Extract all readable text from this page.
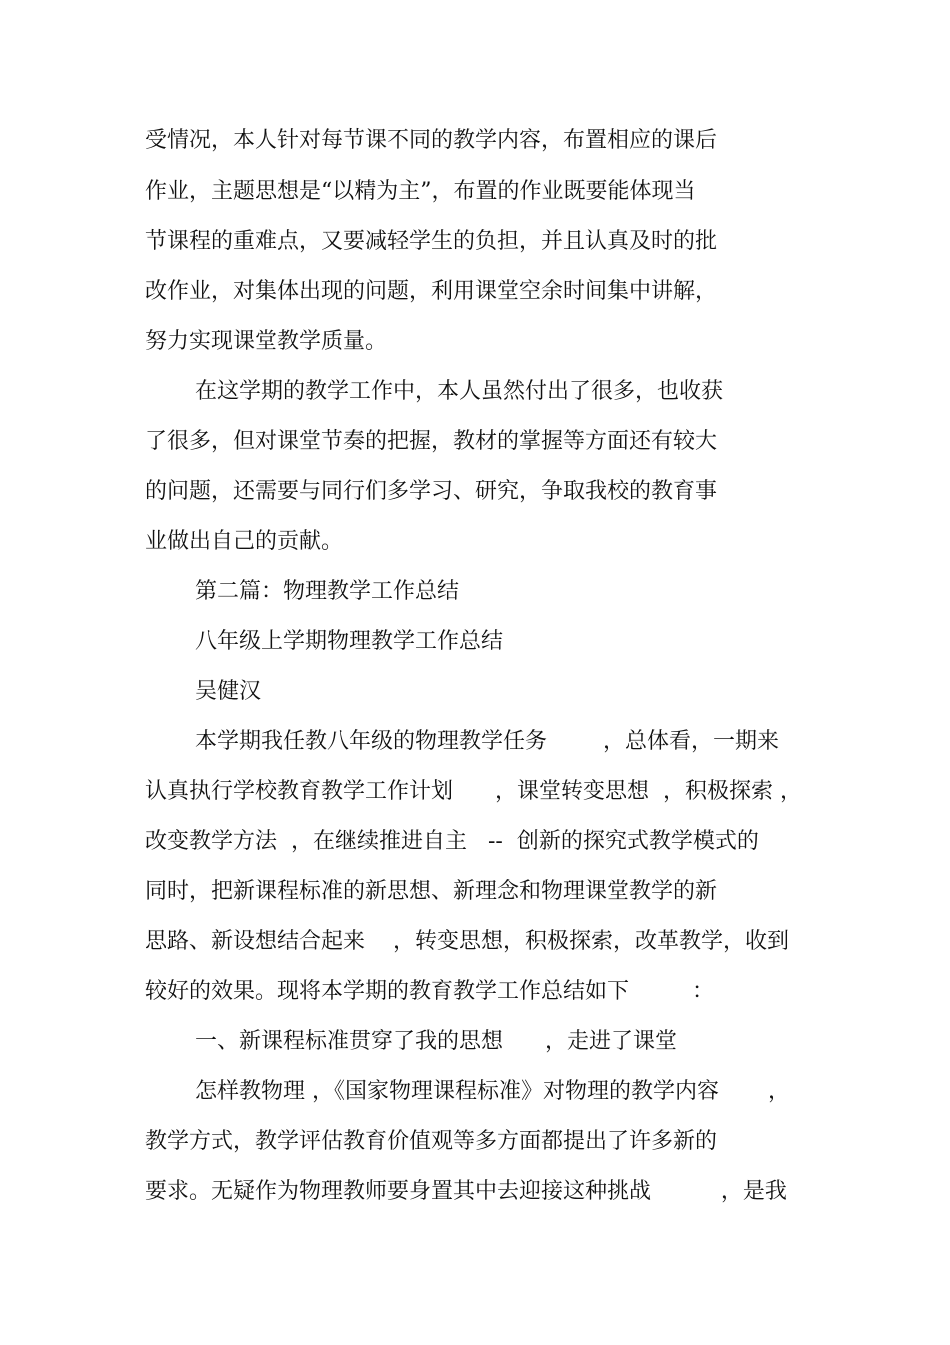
受情况，本人针对每节课不同的教学内容，布置相应的课后

作业，主题思想是“以精为主”，布置的作业既要能体现当

节课程的重难点，又要减轻学生的负担，并且认真及时的批

改作业，对集体出现的问题，利用课堂空余时间集中讲解，

努力实现课堂教学质量。

在这学期的教学工作中，本人虽然付出了很多，也收获

了很多，但对课堂节奏的把握，教材的掌握等方面还有较大

的问题，还需要与同行们多学习、研究，争取我校的教育事

业做出自己的贡献。

第二篇：物理教学工作总结

八年级上学期物理教学工作总结

吴健汉

本学期我任教八年级的物理教学任务        ，总体看，一期来

认真执行学校教育教学工作计划      ，课堂转变思想  ，积极探索 ，

改变教学方法  ，在继续推进自主   --  创新的探究式教学模式的

同时，把新课程标准的新思想、新理念和物理课堂教学的新

思路、新设想结合起来    ，转变思想，积极探索，改革教学，收到

较好的效果。现将本学期的教育教学工作总结如下         ：

一、新课程标准贯穿了我的思想      ，走进了课堂

怎样教物理 ，《国家物理课程标准》对物理的教学内容       ，

教学方式，教学评估教育价值观等多方面都提出了许多新的

要求。无疑作为物理教师要身置其中去迎接这种挑战          ，是我
